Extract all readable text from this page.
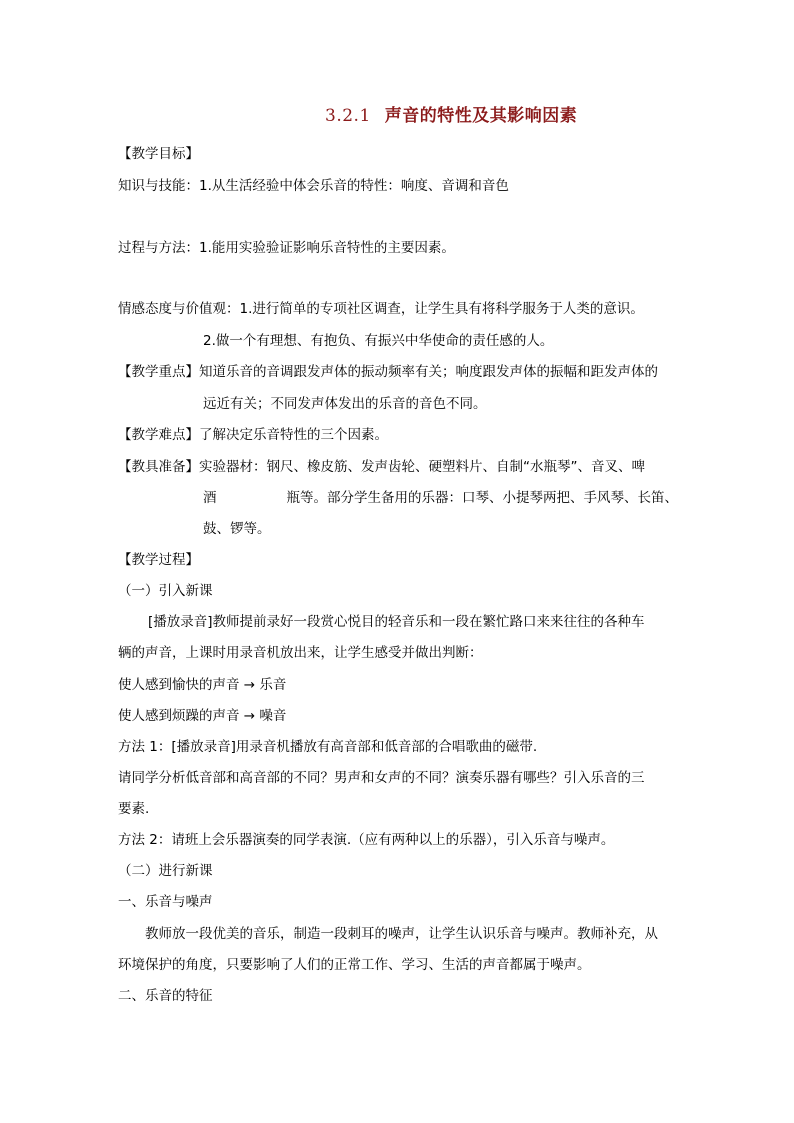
3.2.1 声音的特性及其影响因素
【教学目标】
知识与技能：1.从生活经验中体会乐音的特性：响度、音调和音色
过程与方法：1.能用实验验证影响乐音特性的主要因素。
情感态度与价值观：1.进行简单的专项社区调查，让学生具有将科学服务于人类的意识。
2.做一个有理想、有抱负、有振兴中华使命的责任感的人。
【教学重点】知道乐音的音调跟发声体的振动频率有关；响度跟发声体的振幅和距发声体的
远近有关；不同发声体发出的乐音的音色不同。
【教学难点】了解决定乐音特性的三个因素。
【教具准备】实验器材：钢尺、橡皮筋、发声齿轮、硬塑料片、自制“水瓶琴”、音叉、啤
酒	瓶等。部分学生备用的乐器：口琴、小提琴两把、手风琴、长笛、
鼓、锣等。
【教学过程】
（一）引入新课
[播放录音]教师提前录好一段赏心悦目的轻音乐和一段在繁忙路口来来往往的各种车
辆的声音，上课时用录音机放出来，让学生感受并做出判断：
使人感到愉快的声音 → 乐音
使人感到烦躁的声音 → 噪音
方法 1：[播放录音]用录音机播放有高音部和低音部的合唱歌曲的磁带.
请同学分析低音部和高音部的不同？男声和女声的不同？演奏乐器有哪些？引入乐音的三
要素.
方法 2：请班上会乐器演奏的同学表演.（应有两种以上的乐器），引入乐音与噪声。
（二）进行新课
一、乐音与噪声
教师放一段优美的音乐，制造一段刺耳的噪声，让学生认识乐音与噪声。教师补充，从
环境保护的角度，只要影响了人们的正常工作、学习、生活的声音都属于噪声。
二、乐音的特征
